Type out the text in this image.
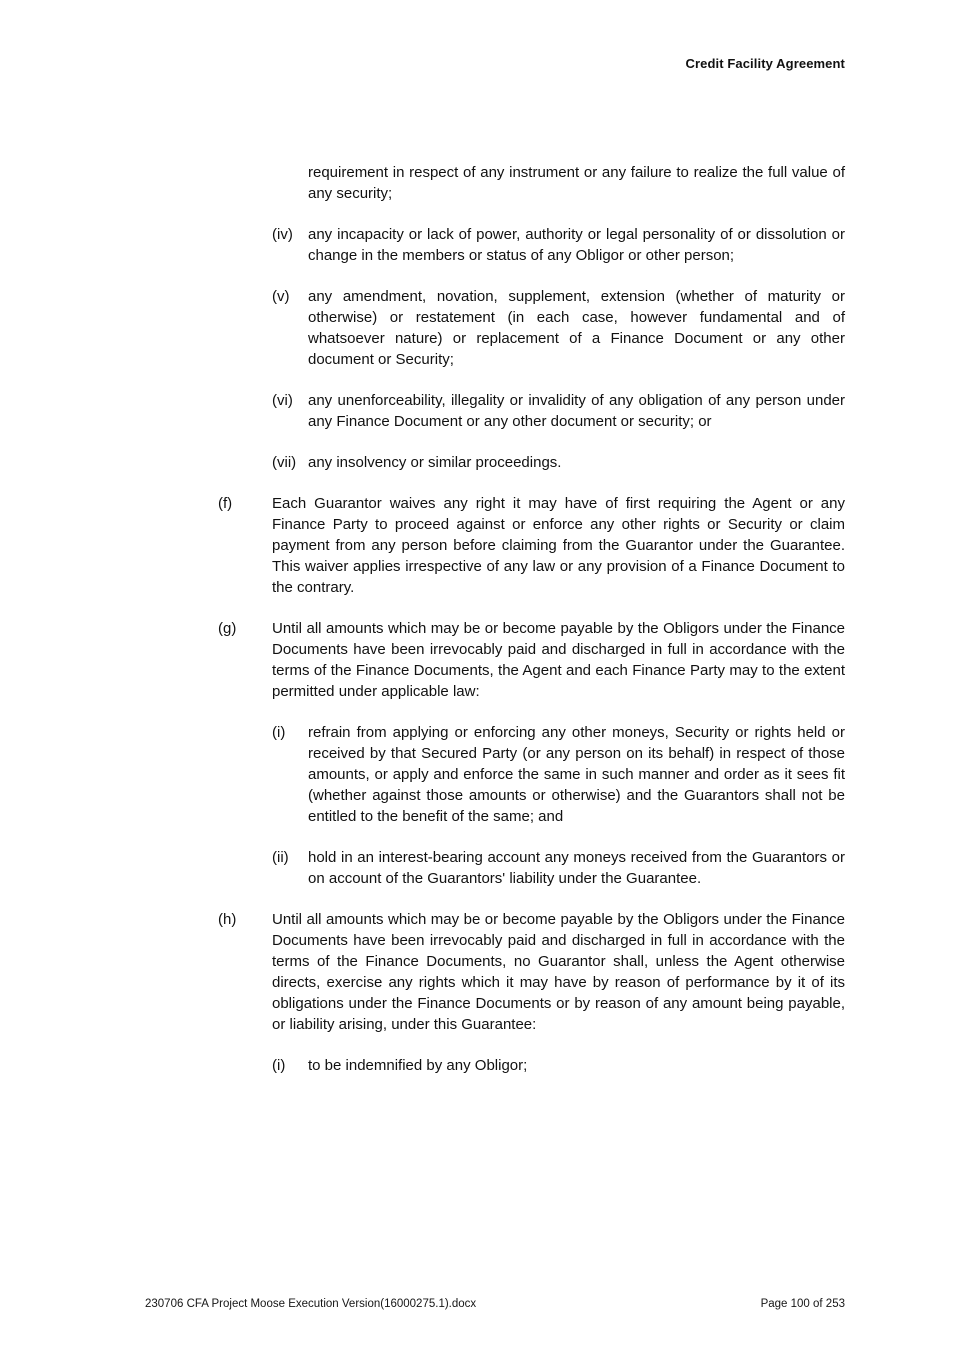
Credit Facility Agreement
requirement in respect of any instrument or any failure to realize the full value of any security;
(iv)	any incapacity or lack of power, authority or legal personality of or dissolution or change in the members or status of any Obligor or other person;
(v)	any amendment, novation, supplement, extension (whether of maturity or otherwise) or restatement (in each case, however fundamental and of whatsoever nature) or replacement of a Finance Document or any other document or Security;
(vi)	any unenforceability, illegality or invalidity of any obligation of any person under any Finance Document or any other document or security; or
(vii) any insolvency or similar proceedings.
(f)	Each Guarantor waives any right it may have of first requiring the Agent or any Finance Party to proceed against or enforce any other rights or Security or claim payment from any person before claiming from the Guarantor under the Guarantee. This waiver applies irrespective of any law or any provision of a Finance Document to the contrary.
(g)	Until all amounts which may be or become payable by the Obligors under the Finance Documents have been irrevocably paid and discharged in full in accordance with the terms of the Finance Documents, the Agent and each Finance Party may to the extent permitted under applicable law:
(i)	refrain from applying or enforcing any other moneys, Security or rights held or received by that Secured Party (or any person on its behalf) in respect of those amounts, or apply and enforce the same in such manner and order as it sees fit (whether against those amounts or otherwise) and the Guarantors shall not be entitled to the benefit of the same; and
(ii)	hold in an interest-bearing account any moneys received from the Guarantors or on account of the Guarantors' liability under the Guarantee.
(h)	Until all amounts which may be or become payable by the Obligors under the Finance Documents have been irrevocably paid and discharged in full in accordance with the terms of the Finance Documents, no Guarantor shall, unless the Agent otherwise directs, exercise any rights which it may have by reason of performance by it of its obligations under the Finance Documents or by reason of any amount being payable, or liability arising, under this Guarantee:
(i)	to be indemnified by any Obligor;
230706 CFA Project Moose Execution Version(16000275.1).docx	Page 100 of 253
